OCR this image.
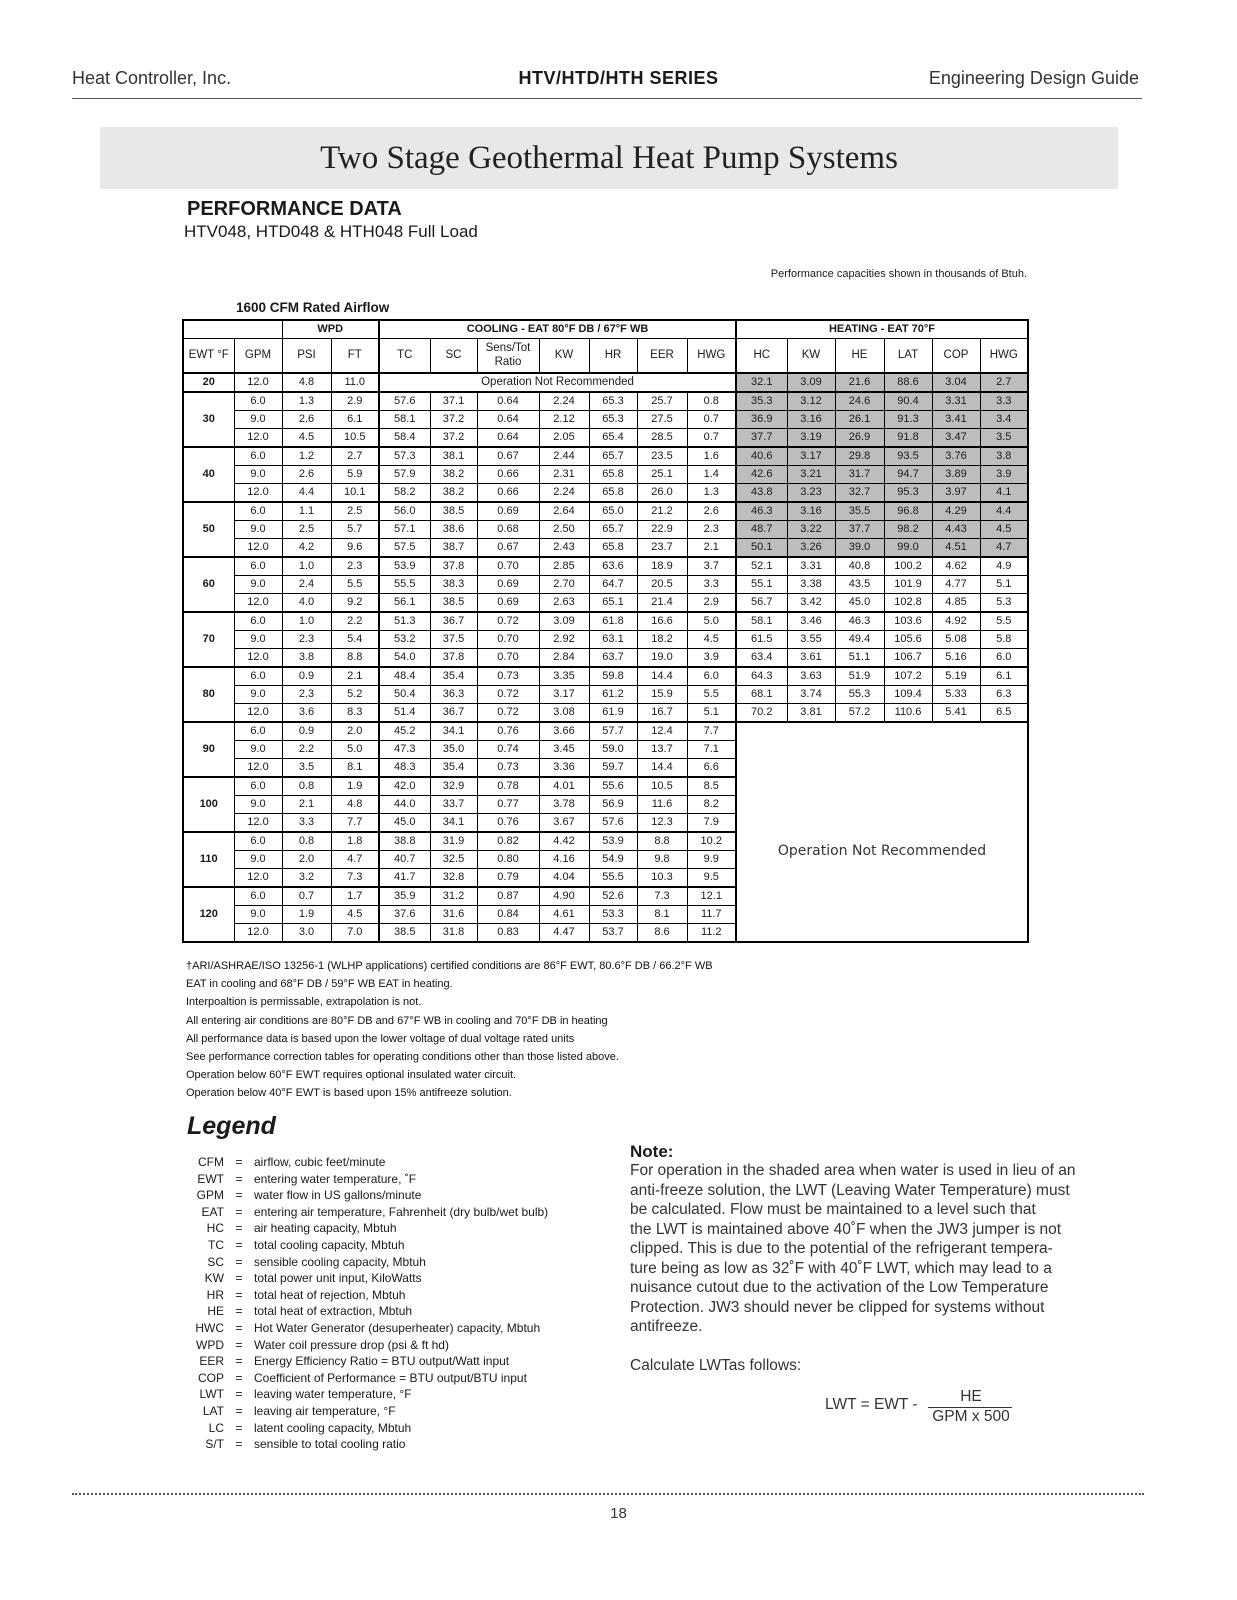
Heat Controller, Inc.	HTV/HTD/HTH SERIES	Engineering Design Guide
Two Stage Geothermal Heat Pump Systems
PERFORMANCE DATA
HTV048, HTD048 & HTH048 Full Load
Performance capacities shown in thousands of Btuh.
1600 CFM Rated Airflow
		WPD		COOLING - EAT 80°F DB / 67°F WB							HEATING - EAT 70°F					
EWT °F	GPM	PSI	FT	TC	SC	Sens/Tot Ratio	KW	HR	EER	HWG	HC	KW	HE	LAT	COP	HWG
20	12.0	4.8	11.0	Operation Not Recommended							32.1	3.09	21.6	88.6	3.04	2.7
30	6.0	1.3	2.9	57.6	37.1	0.64	2.24	65.3	25.7	0.8	35.3	3.12	24.6	90.4	3.31	3.3
	9.0	2.6	6.1	58.1	37.2	0.64	2.12	65.3	27.5	0.7	36.9	3.16	26.1	91.3	3.41	3.4
	12.0	4.5	10.5	58.4	37.2	0.64	2.05	65.4	28.5	0.7	37.7	3.19	26.9	91.8	3.47	3.5
40	6.0	1.2	2.7	57.3	38.1	0.67	2.44	65.7	23.5	1.6	40.6	3.17	29.8	93.5	3.76	3.8
	9.0	2.6	5.9	57.9	38.2	0.66	2.31	65.8	25.1	1.4	42.6	3.21	31.7	94.7	3.89	3.9
	12.0	4.4	10.1	58.2	38.2	0.66	2.24	65.8	26.0	1.3	43.8	3.23	32.7	95.3	3.97	4.1
50	6.0	1.1	2.5	56.0	38.5	0.69	2.64	65.0	21.2	2.6	46.3	3.16	35.5	96.8	4.29	4.4
	9.0	2.5	5.7	57.1	38.6	0.68	2.50	65.7	22.9	2.3	48.7	3.22	37.7	98.2	4.43	4.5
	12.0	4.2	9.6	57.5	38.7	0.67	2.43	65.8	23.7	2.1	50.1	3.26	39.0	99.0	4.51	4.7
60	6.0	1.0	2.3	53.9	37.8	0.70	2.85	63.6	18.9	3.7	52.1	3.31	40.8	100.2	4.62	4.9
	9.0	2.4	5.5	55.5	38.3	0.69	2.70	64.7	20.5	3.3	55.1	3.38	43.5	101.9	4.77	5.1
	12.0	4.0	9.2	56.1	38.5	0.69	2.63	65.1	21.4	2.9	56.7	3.42	45.0	102.8	4.85	5.3
70	6.0	1.0	2.2	51.3	36.7	0.72	3.09	61.8	16.6	5.0	58.1	3.46	46.3	103.6	4.92	5.5
	9.0	2.3	5.4	53.2	37.5	0.70	2.92	63.1	18.2	4.5	61.5	3.55	49.4	105.6	5.08	5.8
	12.0	3.8	8.8	54.0	37.8	0.70	2.84	63.7	19.0	3.9	63.4	3.61	51.1	106.7	5.16	6.0
80	6.0	0.9	2.1	48.4	35.4	0.73	3.35	59.8	14.4	6.0	64.3	3.63	51.9	107.2	5.19	6.1
	9.0	2.3	5.2	50.4	36.3	0.72	3.17	61.2	15.9	5.5	68.1	3.74	55.3	109.4	5.33	6.3
	12.0	3.6	8.3	51.4	36.7	0.72	3.08	61.9	16.7	5.1	70.2	3.81	57.2	110.6	5.41	6.5
90	6.0	0.9	2.0	45.2	34.1	0.76	3.66	57.7	12.4	7.7	Operation Not Recommended					
	9.0	2.2	5.0	47.3	35.0	0.74	3.45	59.0	13.7	7.1						
	12.0	3.5	8.1	48.3	35.4	0.73	3.36	59.7	14.4	6.6						
100	6.0	0.8	1.9	42.0	32.9	0.78	4.01	55.6	10.5	8.5						
	9.0	2.1	4.8	44.0	33.7	0.77	3.78	56.9	11.6	8.2						
	12.0	3.3	7.7	45.0	34.1	0.76	3.67	57.6	12.3	7.9						
110	6.0	0.8	1.8	38.8	31.9	0.82	4.42	53.9	8.8	10.2						
	9.0	2.0	4.7	40.7	32.5	0.80	4.16	54.9	9.8	9.9						
	12.0	3.2	7.3	41.7	32.8	0.79	4.04	55.5	10.3	9.5						
120	6.0	0.7	1.7	35.9	31.2	0.87	4.90	52.6	7.3	12.1						
	9.0	1.9	4.5	37.6	31.6	0.84	4.61	53.3	8.1	11.7						
	12.0	3.0	7.0	38.5	31.8	0.83	4.47	53.7	8.6	11.2						
†ARI/ASHRAE/ISO 13256-1 (WLHP applications) certified conditions are 86°F EWT, 80.6°F DB / 66.2°F WB
EAT in cooling and 68°F DB / 59°F WB EAT in heating.
Interpoaltion is permissable, extrapolation is not.
All entering air conditions are 80°F DB and 67°F WB in cooling and 70°F DB in heating
All performance data is based upon the lower voltage of dual voltage rated units
See performance correction tables for operating conditions other than those listed above.
Operation below 60°F EWT requires optional insulated water circuit.
Operation below 40°F EWT is based upon 15% antifreeze solution.
Legend
CFM = airflow, cubic feet/minute
EWT = entering water temperature, ˚F
GPM = water flow in US gallons/minute
EAT = entering air temperature, Fahrenheit (dry bulb/wet bulb)
HC = air heating capacity, Mbtuh
TC = total cooling capacity, Mbtuh
SC = sensible cooling capacity, Mbtuh
KW = total power unit input, KiloWatts
HR = total heat of rejection, Mbtuh
HE = total heat of extraction, Mbtuh
HWC = Hot Water Generator (desuperheater) capacity, Mbtuh
WPD = Water coil pressure drop (psi & ft hd)
EER = Energy Efficiency Ratio = BTU output/Watt input
COP = Coefficient of Performance = BTU output/BTU input
LWT = leaving water temperature, °F
LAT = leaving air temperature, °F
LC = latent cooling capacity, Mbtuh
S/T = sensible to total cooling ratio
Note:
For operation in the shaded area when water is used in lieu of an
anti-freeze solution, the LWT (Leaving Water Temperature) must
be calculated. Flow must be maintained to a level such that
the LWT is maintained above 40˚F when the JW3 jumper is not
clipped. This is due to the potential of the refrigerant tempera-
ture being as low as 32˚F with 40˚F LWT, which may lead to a
nuisance cutout due to the activation of the Low Temperature
Protection. JW3 should never be clipped for systems without
antifreeze.
Calculate LWTas follows:
LWT = EWT -	HE
GPM x 500
18
